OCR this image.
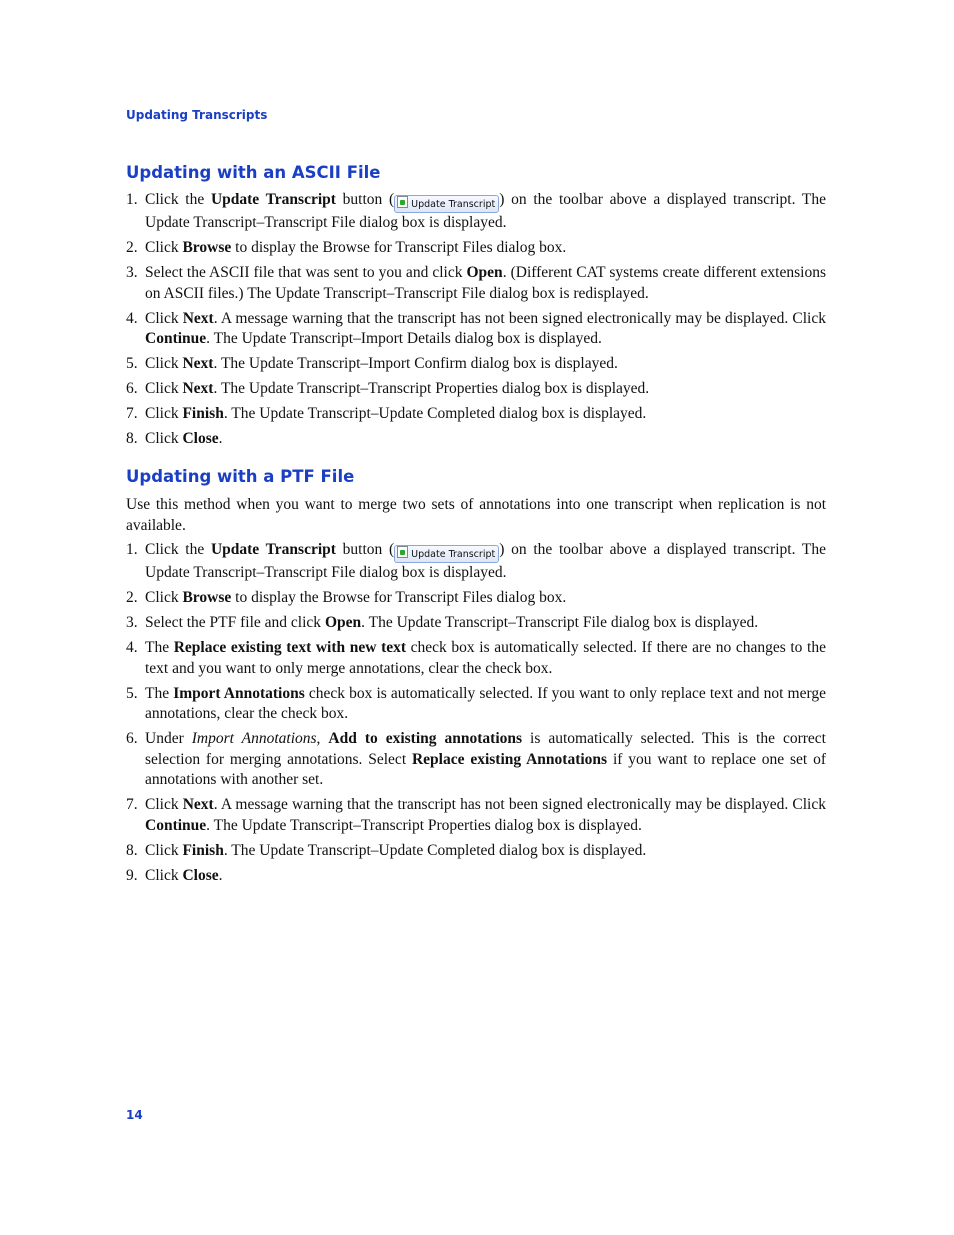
Updating Transcripts
Updating with an ASCII File
1. Click the Update Transcript button ( Update Transcript ) on the toolbar above a displayed transcript. The Update Transcript–Transcript File dialog box is displayed.
2. Click Browse to display the Browse for Transcript Files dialog box.
3. Select the ASCII file that was sent to you and click Open. (Different CAT systems create different extensions on ASCII files.) The Update Transcript–Transcript File dialog box is redisplayed.
4. Click Next. A message warning that the transcript has not been signed electronically may be displayed. Click Continue. The Update Transcript–Import Details dialog box is displayed.
5. Click Next. The Update Transcript–Import Confirm dialog box is displayed.
6. Click Next. The Update Transcript–Transcript Properties dialog box is displayed.
7. Click Finish. The Update Transcript–Update Completed dialog box is displayed.
8. Click Close.
Updating with a PTF File

Use this method when you want to merge two sets of annotations into one transcript when replication is not available.

1. Click the Update Transcript button ( Update Transcript ) on the toolbar above a displayed transcript. The Update Transcript–Transcript File dialog box is displayed.
2. Click Browse to display the Browse for Transcript Files dialog box.
3. Select the PTF file and click Open. The Update Transcript–Transcript File dialog box is displayed.
4. The Replace existing text with new text check box is automatically selected. If there are no changes to the text and you want to only merge annotations, clear the check box.
5. The Import Annotations check box is automatically selected. If you want to only replace text and not merge annotations, clear the check box.
6. Under Import Annotations, Add to existing annotations is automatically selected. This is the correct selection for merging annotations. Select Replace existing Annotations if you want to replace one set of annotations with another set.
7. Click Next. A message warning that the transcript has not been signed electronically may be displayed. Click Continue. The Update Transcript–Transcript Properties dialog box is displayed.
8. Click Finish. The Update Transcript–Update Completed dialog box is displayed.
9. Click Close.
14
